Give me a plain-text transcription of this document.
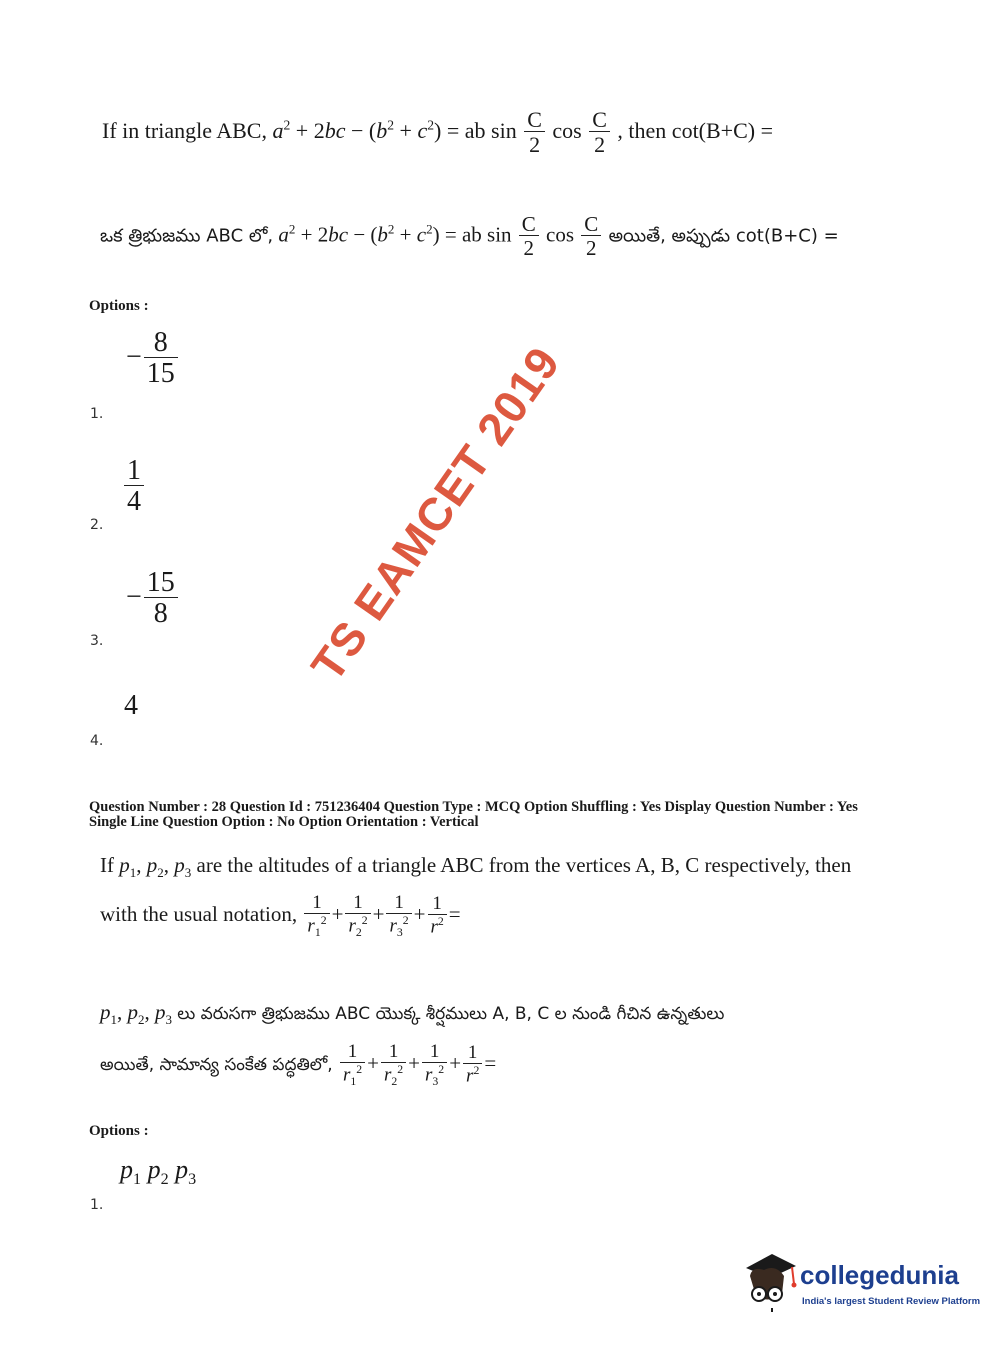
If in triangle ABC, $a^2 + 2bc - (b^2 + c^2)$ = ab $\sin \frac{C}{2}$ $\cos \frac{C}{2}$ , then cot(B+C) =
ఒక త్రిభుజము ABC లో, $a^2 + 2bc - (b^2 + c^2)$ = ab $\sin \frac{C}{2}$ $\cos \frac{C}{2}$ అయితే, అప్పుడు cot(B+C) =
Options :
− $\frac{8}{15}$
1.
$\frac{1}{4}$
2.
− $\frac{15}{8}$
3.
4
4.
Question Number : 28 Question Id : 751236404 Question Type : MCQ Option Shuffling : Yes Display Question Number : Yes
Single Line Question Option : No Option Orientation : Vertical
If $p_1$, $p_2$, $p_3$ are the altitudes of a triangle ABC from the vertices A, B, C respectively, then
with the usual notation, $\frac{1}{r_1^2} + \frac{1}{r_2^2} + \frac{1}{r_3^2} + \frac{1}{r^2}$ =
$p_1$, $p_2$, $p_3$ లు వరుసగా త్రిభుజము ABC యొక్క శీర్షములు A, B, C ల నుండి గీచిన ఉన్నతులు
అయితే, సామాన్య సంకేత పద్ధతిలో, $\frac{1}{r_1^2} + \frac{1}{r_2^2} + \frac{1}{r_3^2} + \frac{1}{r^2}$ =
Options :
$p_1$ $p_2$ $p_3$
1.
TS EAMCET 2019
collegedunia
India's largest Student Review Platform
